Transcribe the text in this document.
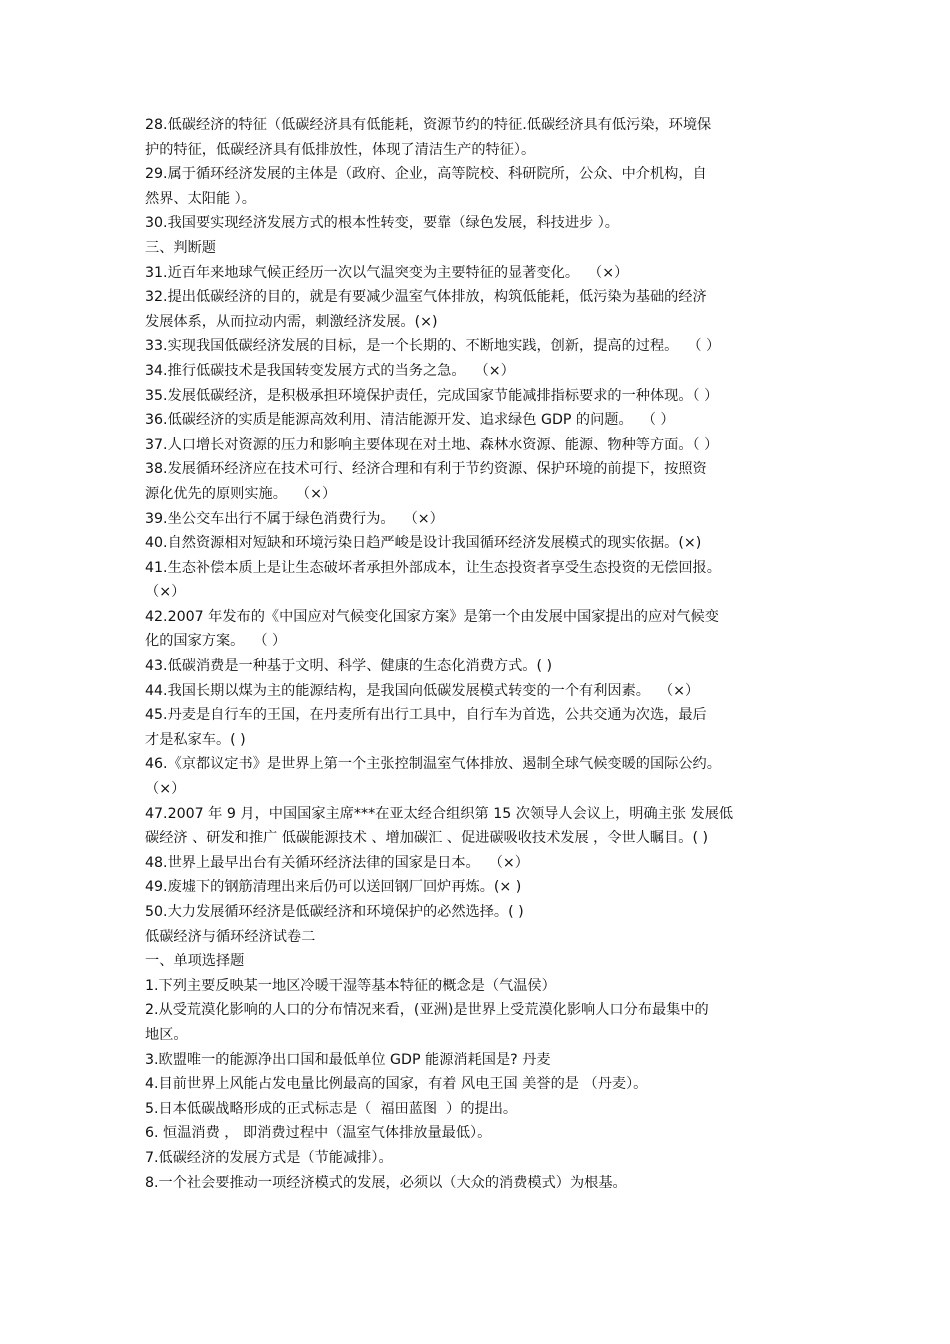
28.低碳经济的特征（低碳经济具有低能耗，资源节约的特征.低碳经济具有低污染，环境保

护的特征，低碳经济具有低排放性，体现了清洁生产的特征）。

29.属于循环经济发展的主体是（政府、企业，高等院校、科研院所，公众、中介机构，自

然界、太阳能 ）。

30.我国要实现经济发展方式的根本性转变，要靠（绿色发展，科技进步 ）。

三、判断题

31.近百年来地球气候正经历一次以气温突变为主要特征的显著变化。  （×）

32.提出低碳经济的目的，就是有要减少温室气体排放，构筑低能耗，低污染为基础的经济

发展体系，从而拉动内需，刺激经济发展。(×)

33.实现我国低碳经济发展的目标，是一个长期的、不断地实践，创新，提高的过程。  （ ）

34.推行低碳技术是我国转变发展方式的当务之急。  （×）

35.发展低碳经济，是积极承担环境保护责任，完成国家节能减排指标要求的一种体现。（ ）

36.低碳经济的实质是能源高效利用、清洁能源开发、追求绿色 GDP 的问题。  （ ）

37.人口增长对资源的压力和影响主要体现在对土地、森林水资源、能源、物种等方面。（ ）

38.发展循环经济应在技术可行、经济合理和有利于节约资源、保护环境的前提下，按照资

源化优先的原则实施。  （×）

39.坐公交车出行不属于绿色消费行为。  （×）

40.自然资源相对短缺和环境污染日趋严峻是设计我国循环经济发展模式的现实依据。(×)

41.生态补偿本质上是让生态破坏者承担外部成本，让生态投资者享受生态投资的无偿回报。

（×）

42.2007 年发布的《中国应对气候变化国家方案》是第一个由发展中国家提出的应对气候变

化的国家方案。  （ ）

43.低碳消费是一种基于文明、科学、健康的生态化消费方式。( )

44.我国长期以煤为主的能源结构，是我国向低碳发展模式转变的一个有利因素。  （×）

45.丹麦是自行车的王国，在丹麦所有出行工具中，自行车为首选，公共交通为次选，最后

才是私家车。( )

46.《京都议定书》是世界上第一个主张控制温室气体排放、遏制全球气候变暖的国际公约。

（×）

47.2007 年 9 月，中国国家主席***在亚太经合组织第 15 次领导人会议上，明确主张 发展低

碳经济 、研发和推广 低碳能源技术 、增加碳汇 、促进碳吸收技术发展 ，令世人瞩目。( )

48.世界上最早出台有关循环经济法律的国家是日本。  （×）

49.废墟下的钢筋清理出来后仍可以送回钢厂回炉再炼。(× )

50.大力发展循环经济是低碳经济和环境保护的必然选择。( )

低碳经济与循环经济试卷二

一、单项选择题

1.下列主要反映某一地区冷暖干湿等基本特征的概念是（气温侯）

2.从受荒漠化影响的人口的分布情况来看，(亚洲)是世界上受荒漠化影响人口分布最集中的

地区。

3.欧盟唯一的能源净出口国和最低单位 GDP 能源消耗国是? 丹麦

4.目前世界上风能占发电量比例最高的国家，有着 风电王国 美誉的是 （丹麦）。

5.日本低碳战略形成的正式标志是（  福田蓝图  ）的提出。

6. 恒温消费 ， 即消费过程中（温室气体排放量最低）。

7.低碳经济的发展方式是（节能减排）。

8.一个社会要推动一项经济模式的发展，必须以（大众的消费模式）为根基。
